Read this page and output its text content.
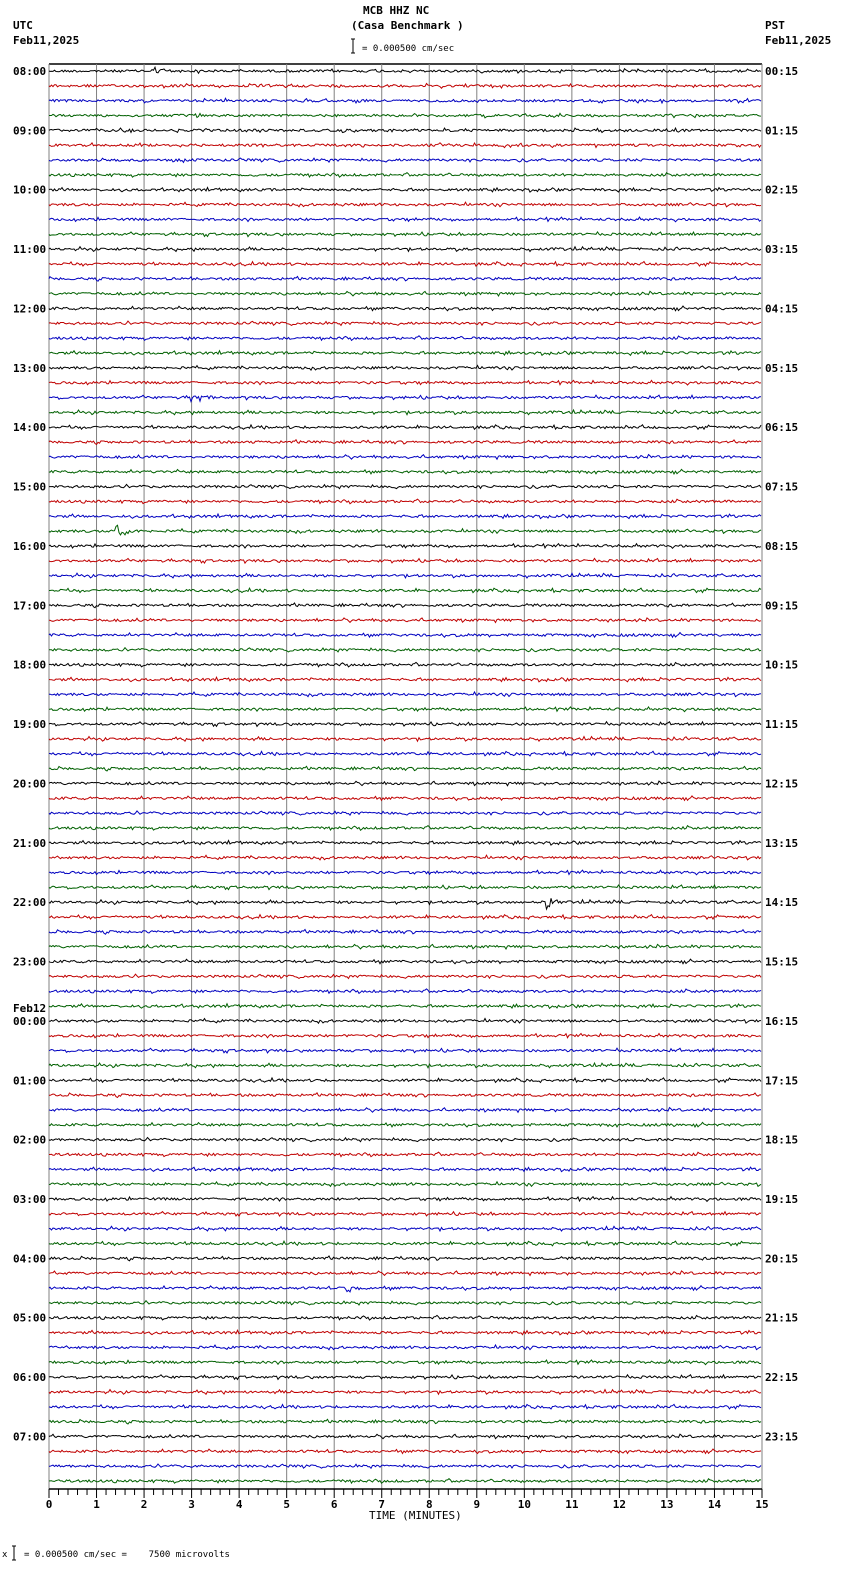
08:00	00:15
09:00	01:15
10:00	02:15
11:00	03:15
12:00	04:15
13:00	05:15
14:00	06:15
15:00	07:15
16:00	08:15
17:00	09:15
18:00	10:15
19:00	11:15
20:00	12:15
21:00	13:15
22:00	14:15
23:00	15:15
00:00	16:15
01:00	17:15
02:00	18:15
03:00	19:15
04:00	20:15
05:00	21:15
06:00	22:15
07:00	23:15
0	1	2	3	4	5	6	7	8	9	10	11	12	13	14	15
MCB HHZ NC
(Casa Benchmark )
UTC
Feb11,2025
PST
Feb11,2025
= 0.000500 cm/sec
Feb12
TIME (MINUTES)
x = 0.000500 cm/sec =    7500 microvolts
